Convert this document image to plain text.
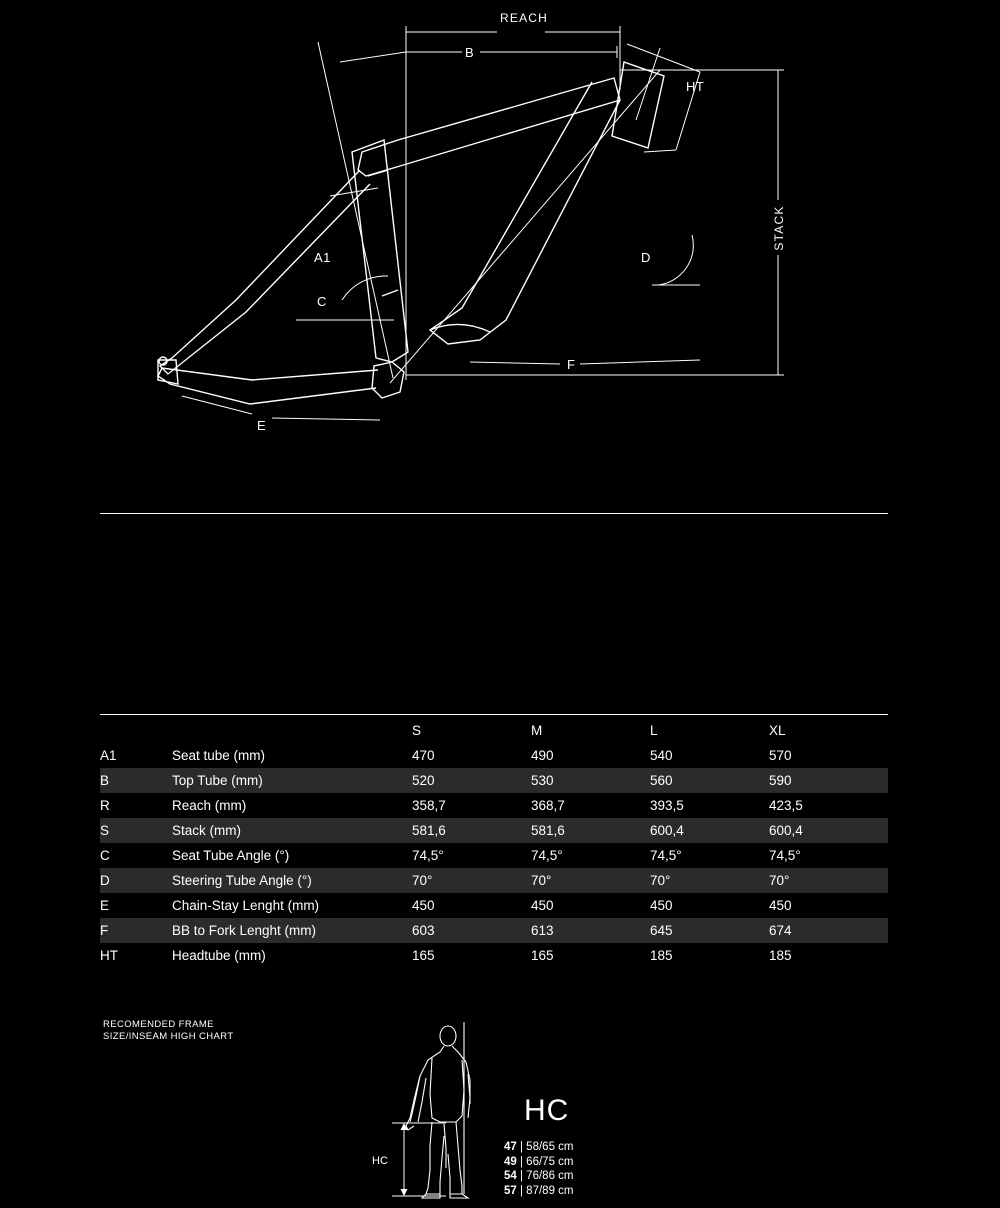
REACH
B
HT
A1
C
D
E
F
STACK
RECOMENDED FRAME
SIZE/INSEAM HIGH CHART
HC
HC
47 | 58/65 cm
49 | 66/75 cm
54 | 76/86 cm
57 | 87/89 cm
		S	M	L	XL
A1	Seat tube (mm)	470	490	540	570
B	Top Tube (mm)	520	530	560	590
R	Reach (mm)	358,7	368,7	393,5	423,5
S	Stack (mm)	581,6	581,6	600,4	600,4
C	Seat Tube Angle (°)	74,5°	74,5°	74,5°	74,5°
D	Steering Tube Angle (°)	70°	70°	70°	70°
E	Chain-Stay Lenght (mm)	450	450	450	450
F	BB to Fork Lenght (mm)	603	613	645	674
HT	Headtube (mm)	165	165	185	185
